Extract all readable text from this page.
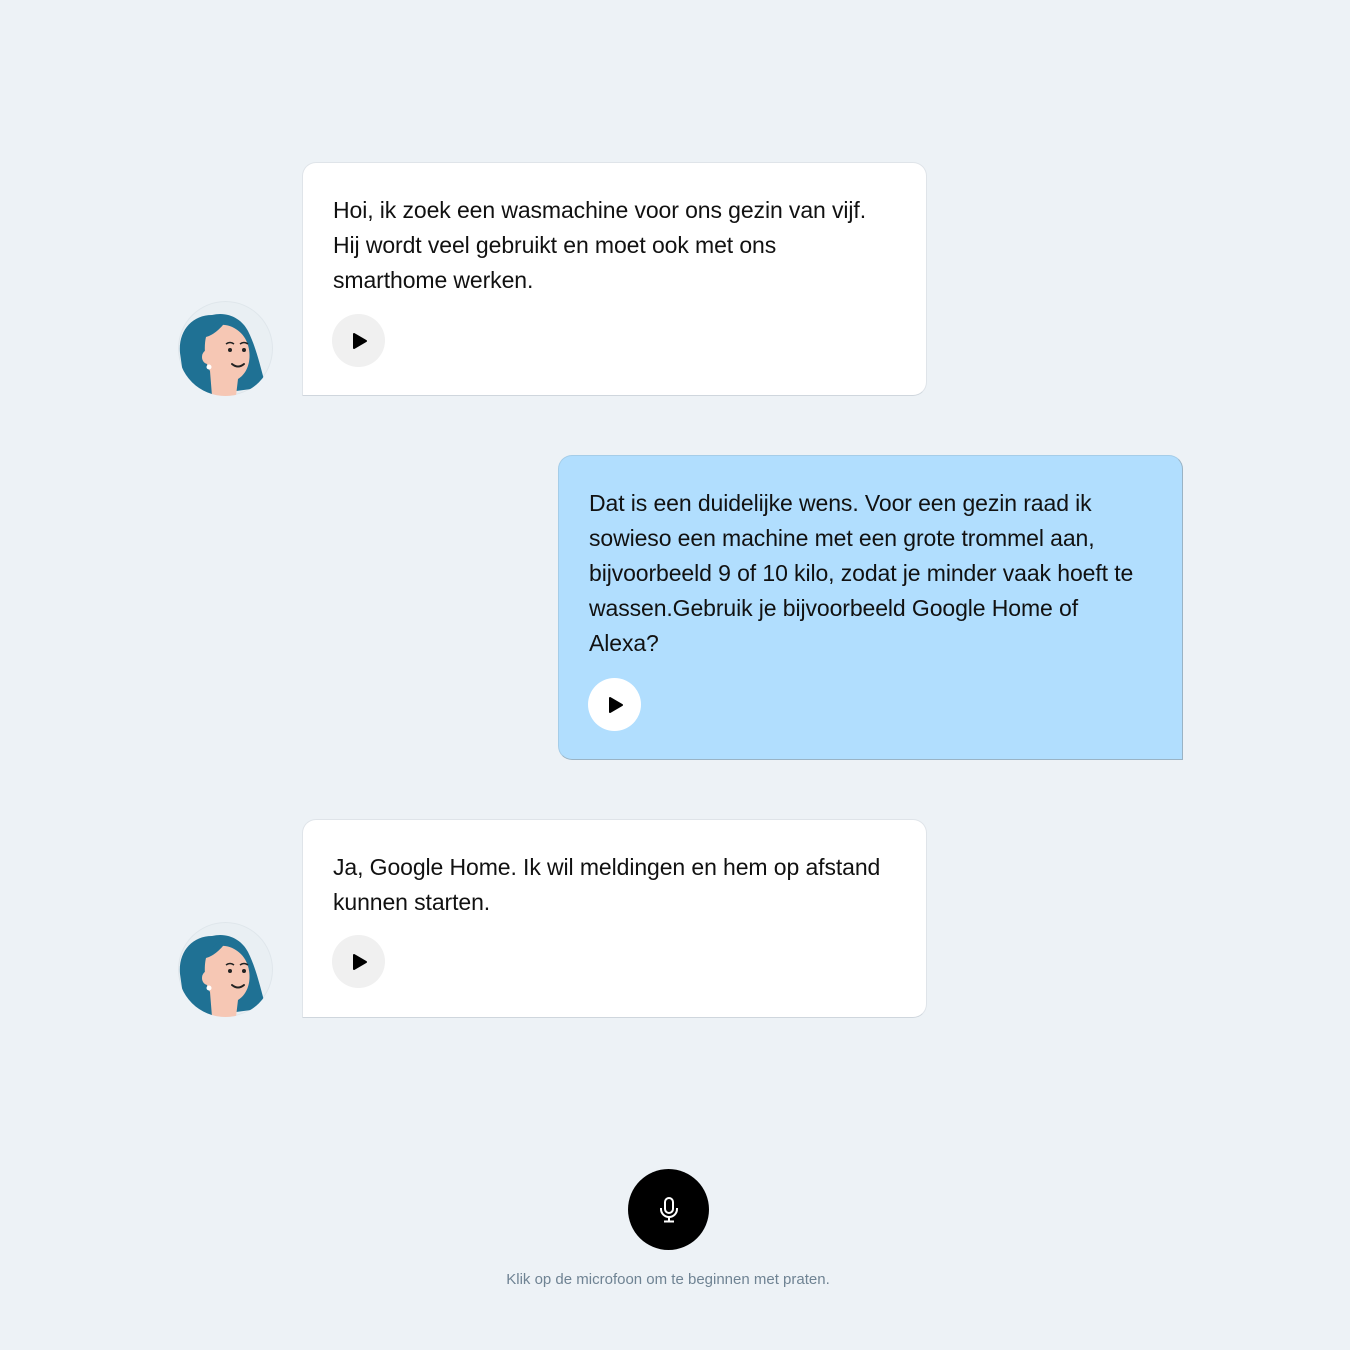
Hoi, ik zoek een wasmachine voor ons gezin van vijf. Hij wordt veel gebruikt en moet ook met ons smarthome werken.

Dat is een duidelijke wens. Voor een gezin raad ik sowieso een machine met een grote trommel aan, bijvoorbeeld 9 of 10 kilo, zodat je minder vaak hoeft te wassen.Gebruik je bijvoorbeeld Google Home of Alexa?

Ja, Google Home. Ik wil meldingen en hem op afstand kunnen starten.

Klik op de microfoon om te beginnen met praten.
